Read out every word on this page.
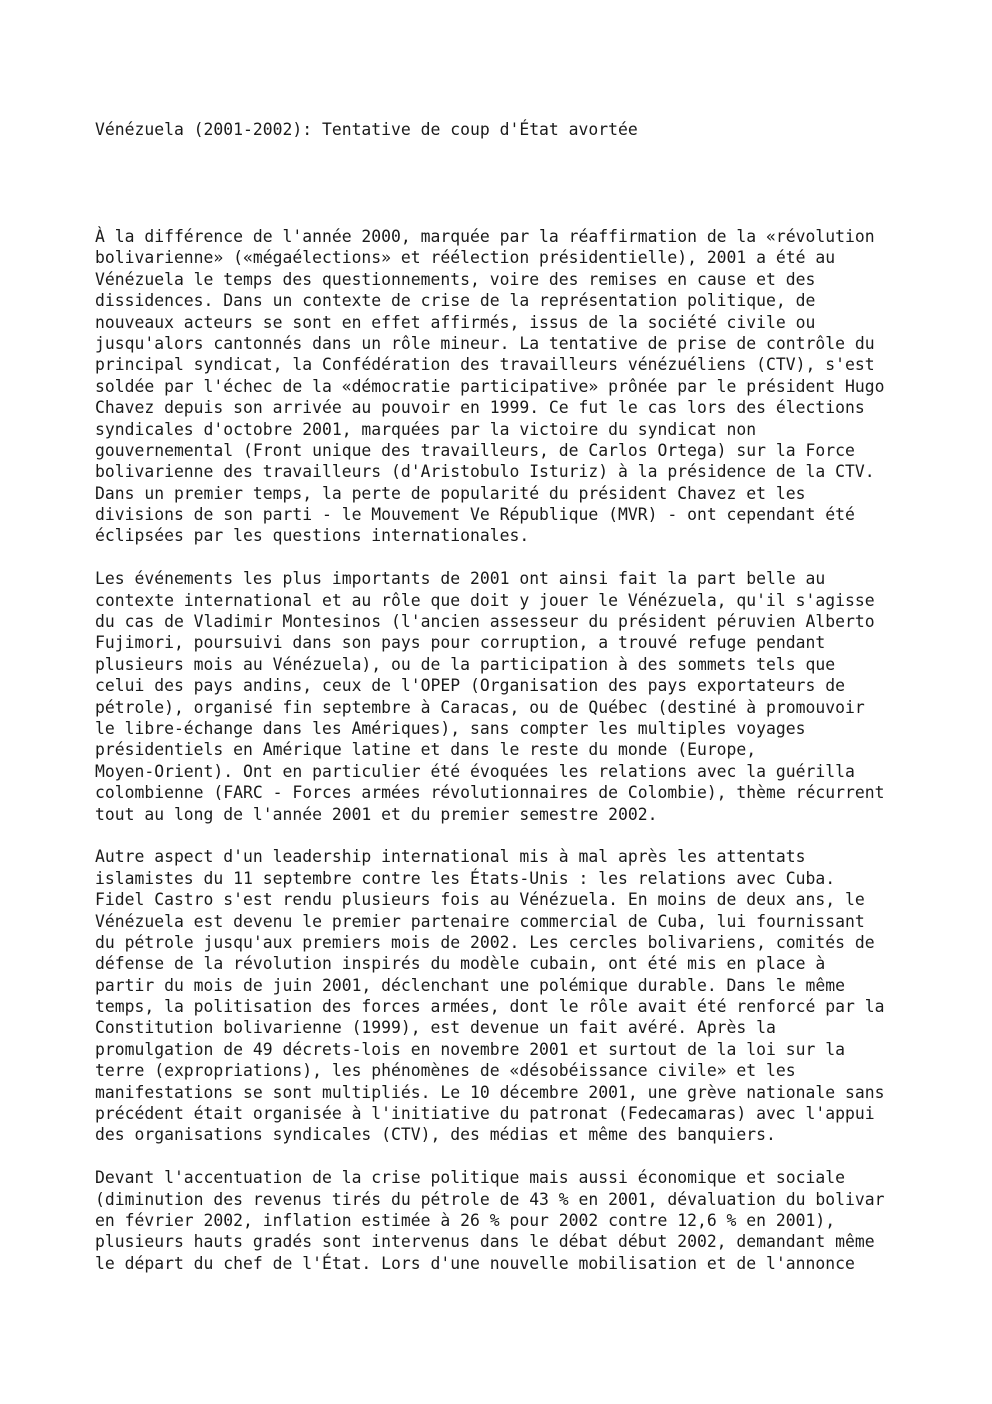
Vénézuela (2001-2002): Tentative de coup d'État avortée

À la différence de l'année 2000, marquée par la réaffirmation de la «révolution
bolivarienne» («mégaélections» et réélection présidentielle), 2001 a été au
Vénézuela le temps des questionnements, voire des remises en cause et des
dissidences. Dans un contexte de crise de la représentation politique, de
nouveaux acteurs se sont en effet affirmés, issus de la société civile ou
jusqu'alors cantonnés dans un rôle mineur. La tentative de prise de contrôle du
principal syndicat, la Confédération des travailleurs vénézuéliens (CTV), s'est
soldée par l'échec de la «démocratie participative» prônée par le président Hugo
Chavez depuis son arrivée au pouvoir en 1999. Ce fut le cas lors des élections
syndicales d'octobre 2001, marquées par la victoire du syndicat non
gouvernemental (Front unique des travailleurs, de Carlos Ortega) sur la Force
bolivarienne des travailleurs (d'Aristobulo Isturiz) à la présidence de la CTV.
Dans un premier temps, la perte de popularité du président Chavez et les
divisions de son parti - le Mouvement Ve République (MVR) - ont cependant été
éclipsées par les questions internationales.

Les événements les plus importants de 2001 ont ainsi fait la part belle au
contexte international et au rôle que doit y jouer le Vénézuela, qu'il s'agisse
du cas de Vladimir Montesinos (l'ancien assesseur du président péruvien Alberto
Fujimori, poursuivi dans son pays pour corruption, a trouvé refuge pendant
plusieurs mois au Vénézuela), ou de la participation à des sommets tels que
celui des pays andins, ceux de l'OPEP (Organisation des pays exportateurs de
pétrole), organisé fin septembre à Caracas, ou de Québec (destiné à promouvoir
le libre-échange dans les Amériques), sans compter les multiples voyages
présidentiels en Amérique latine et dans le reste du monde (Europe,
Moyen-Orient). Ont en particulier été évoquées les relations avec la guérilla
colombienne (FARC - Forces armées révolutionnaires de Colombie), thème récurrent
tout au long de l'année 2001 et du premier semestre 2002.

Autre aspect d'un leadership international mis à mal après les attentats
islamistes du 11 septembre contre les États-Unis : les relations avec Cuba.
Fidel Castro s'est rendu plusieurs fois au Vénézuela. En moins de deux ans, le
Vénézuela est devenu le premier partenaire commercial de Cuba, lui fournissant
du pétrole jusqu'aux premiers mois de 2002. Les cercles bolivariens, comités de
défense de la révolution inspirés du modèle cubain, ont été mis en place à
partir du mois de juin 2001, déclenchant une polémique durable. Dans le même
temps, la politisation des forces armées, dont le rôle avait été renforcé par la
Constitution bolivarienne (1999), est devenue un fait avéré. Après la
promulgation de 49 décrets-lois en novembre 2001 et surtout de la loi sur la
terre (expropriations), les phénomènes de «désobéissance civile» et les
manifestations se sont multipliés. Le 10 décembre 2001, une grève nationale sans
précédent était organisée à l'initiative du patronat (Fedecamaras) avec l'appui
des organisations syndicales (CTV), des médias et même des banquiers.

Devant l'accentuation de la crise politique mais aussi économique et sociale
(diminution des revenus tirés du pétrole de 43 % en 2001, dévaluation du bolivar
en février 2002, inflation estimée à 26 % pour 2002 contre 12,6 % en 2001),
plusieurs hauts gradés sont intervenus dans le débat début 2002, demandant même
le départ du chef de l'État. Lors d'une nouvelle mobilisation et de l'annonce
